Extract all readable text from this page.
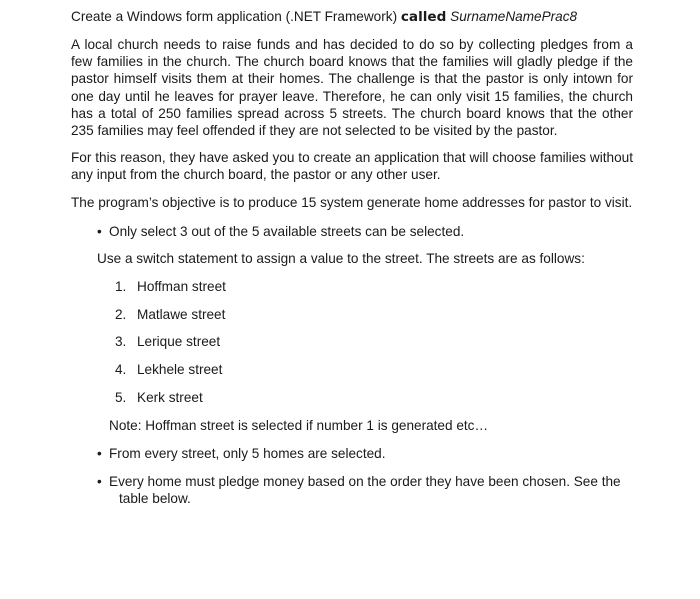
Create a Windows form application (.NET Framework) called SurnameNamePrac8

A local church needs to raise funds and has decided to do so by collecting pledges from a few families in the church. The church board knows that the families will gladly pledge if the pastor himself visits them at their homes. The challenge is that the pastor is only intown for one day until he leaves for prayer leave. Therefore, he can only visit 15 families, the church has a total of 250 families spread across 5 streets. The church board knows that the other 235 families may feel offended if they are not selected to be visited by the pastor.

For this reason, they have asked you to create an application that will choose families without any input from the church board, the pastor or any other user.

The program’s objective is to produce 15 system generate home addresses for pastor to visit.

• Only select 3 out of the 5 available streets can be selected.
Use a switch statement to assign a value to the street. The streets are as follows:
1. Hoffman street
2. Matlawe street
3. Lerique street
4. Lekhele street
5. Kerk street
Note: Hoffman street is selected if number 1 is generated etc…
• From every street, only 5 homes are selected.
• Every home must pledge money based on the order they have been chosen. See the
table below.
